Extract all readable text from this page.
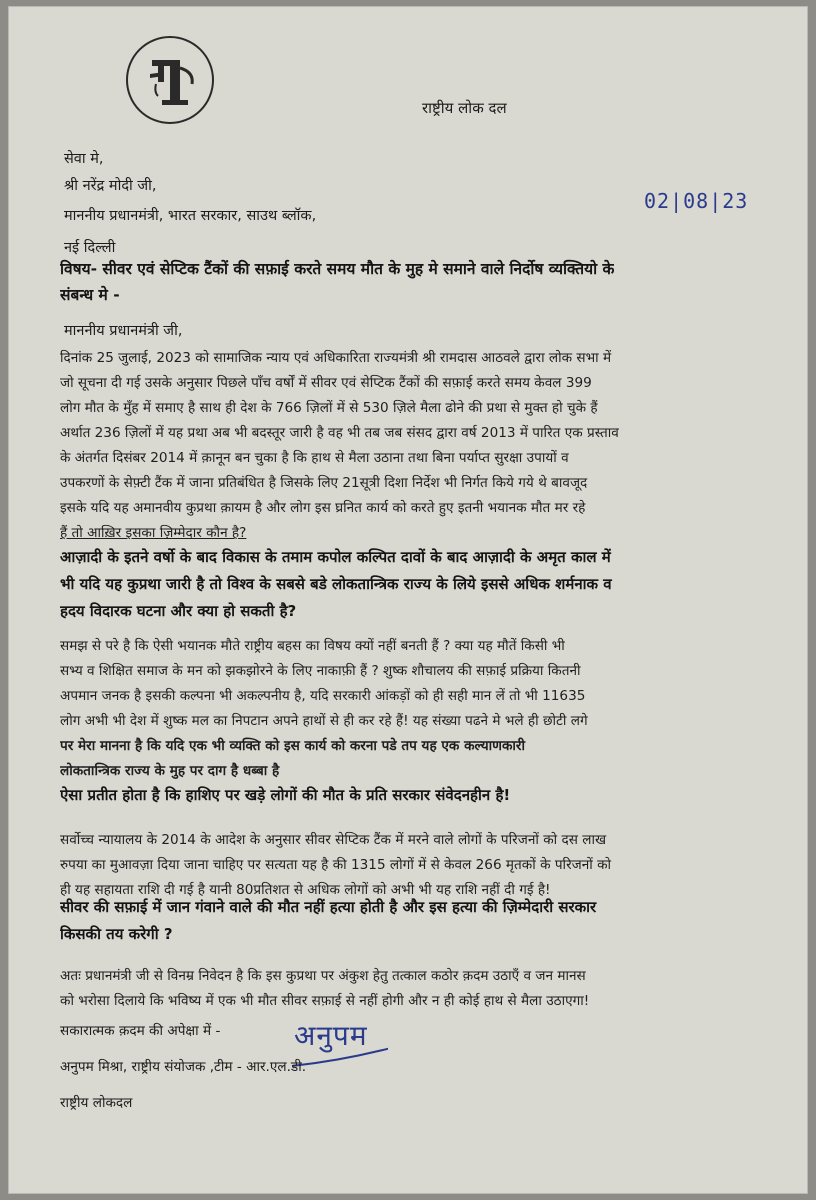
राष्ट्रीय लोक दल
सेवा मे,
श्री नरेंद्र मोदी जी,
माननीय प्रधानमंत्री, भारत सरकार, साउथ ब्लॉक,
02|08|23
नई दिल्ली
विषय- सीवर एवं सेप्टिक टैंकों की सफ़ाई करते समय मौत के मुह मे समाने वाले निर्दोष व्यक्तियो के
संबन्ध मे -
माननीय प्रधानमंत्री जी,
दिनांक 25 जुलाई, 2023 को सामाजिक न्याय एवं अधिकारिता राज्यमंत्री श्री रामदास आठवले द्वारा लोक सभा में
जो सूचना दी गई उसके अनुसार पिछले पाँच वर्षों में सीवर एवं सेप्टिक टैंकों की सफ़ाई करते समय केवल 399
लोग मौत के मुँह में समाए है साथ ही देश के 766 ज़िलों में से 530 ज़िले मैला ढोने की प्रथा से मुक्त हो चुके हैं
अर्थात 236 ज़िलों में यह प्रथा अब भी बदस्तूर जारी है वह भी तब जब संसद द्वारा वर्ष 2013 में पारित एक प्रस्ताव
के अंतर्गत दिसंबर 2014 में क़ानून बन चुका है कि हाथ से मैला उठाना तथा बिना पर्याप्त सुरक्षा उपायों व
उपकरणों के सेफ़्टी टैंक में जाना प्रतिबंधित है जिसके लिए 21सूत्री दिशा निर्देश भी निर्गत किये गये थे बावजूद
इसके यदि यह अमानवीय कुप्रथा क़ायम है और लोग इस घ्रनित कार्य को करते हुए इतनी भयानक मौत मर रहे
हैं तो आख़िर इसका ज़िम्मेदार कौन है?
आज़ादी के इतने वर्षो के बाद विकास के तमाम कपोल कल्पित दावों के बाद आज़ादी के अमृत काल में
भी यदि यह कुप्रथा जारी है तो विश्व के सबसे बडे लोकतान्त्रिक राज्य के लिये इससे अधिक शर्मनाक व
हदय विदारक घटना और क्या हो सकती है?
समझ से परे है कि ऐसी भयानक मौते राष्ट्रीय बहस का विषय क्यों नहीं बनती हैं ? क्या यह मौतें किसी भी
सभ्य व शिक्षित समाज के मन को झकझोरने के लिए नाकाफ़ी हैं ? शुष्क शौचालय की सफ़ाई प्रक्रिया कितनी
अपमान जनक है इसकी कल्पना भी अकल्पनीय है, यदि सरकारी आंकड़ों को ही सही मान लें तो भी 11635
लोग अभी भी देश में शुष्क मल का निपटान अपने हाथों से ही कर रहे हैं! यह संख्या पढने मे भले ही छोटी लगे
पर मेरा मानना है कि यदि एक भी व्यक्ति को इस कार्य को करना पडे तप यह एक कल्याणकारी
लोकतान्त्रिक राज्य के मुह पर दाग है धब्बा है
ऐसा प्रतीत होता है कि हाशिए पर खड़े लोगों की मौत के प्रति सरकार संवेदनहीन है!
सर्वोच्च न्यायालय के 2014 के आदेश के अनुसार सीवर सेप्टिक टैंक में मरने वाले लोगों के परिजनों को दस लाख
रुपया का मुआवज़ा दिया जाना चाहिए पर सत्यता यह है की 1315 लोगों में से केवल 266 मृतकों के परिजनों को
ही यह सहायता राशि दी गई है यानी 80प्रतिशत से अधिक लोगों को अभी भी यह राशि नहीं दी गई है!
सीवर की सफ़ाई में जान गंवाने वाले की मौत नहीं हत्या होती है और इस हत्या की ज़िम्मेदारी सरकार
किसकी तय करेगी ?
अतः प्रधानमंत्री जी से विनम्र निवेदन है कि इस कुप्रथा पर अंकुश हेतु तत्काल कठोर क़दम उठाएँ व जन मानस
को भरोसा दिलाये कि भविष्य में एक भी मौत सीवर सफ़ाई से नहीं होगी और न ही कोई हाथ से मैला उठाएगा!
सकारात्मक क़दम की अपेक्षा में -	अनुपम
अनुपम मिश्रा, राष्ट्रीय संयोजक ,टीम - आर.एल.डी.
राष्ट्रीय लोकदल
